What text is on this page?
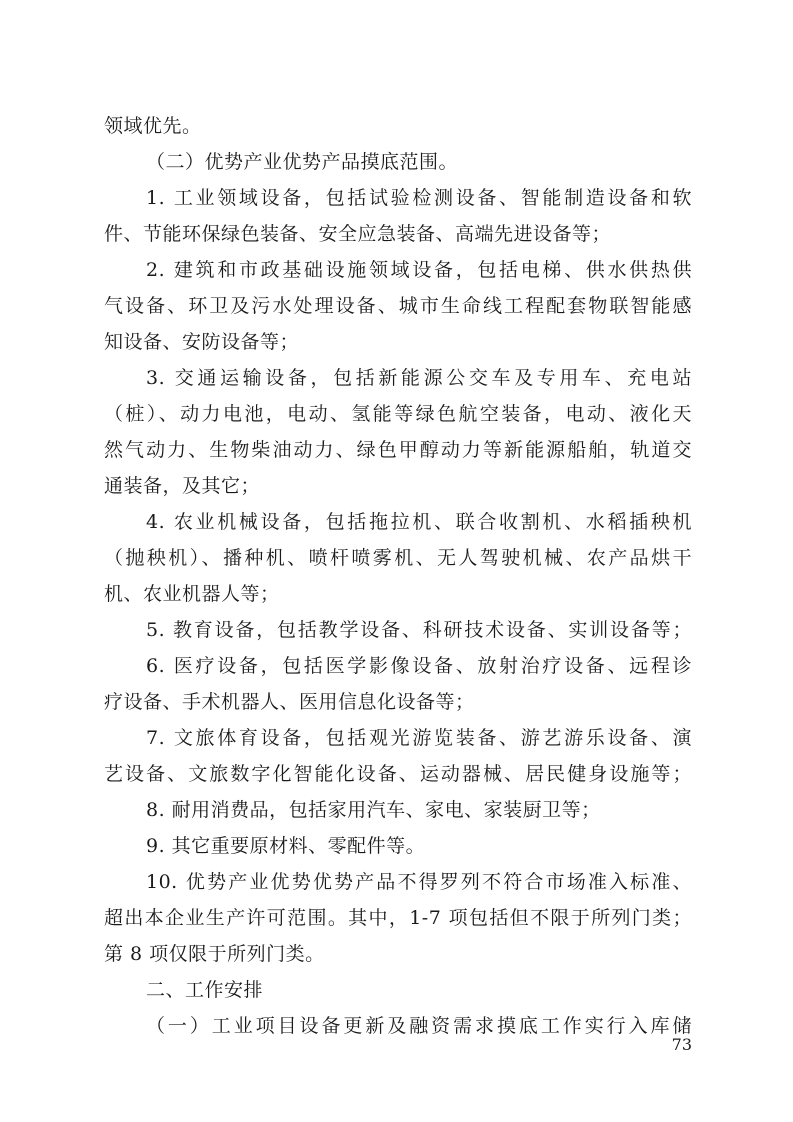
领域优先。
（二）优势产业优势产品摸底范围。
1. 工业领域设备，包括试验检测设备、智能制造设备和软
件、节能环保绿色装备、安全应急装备、高端先进设备等；
2. 建筑和市政基础设施领域设备，包括电梯、供水供热供
气设备、环卫及污水处理设备、城市生命线工程配套物联智能感
知设备、安防设备等；
3. 交通运输设备，包括新能源公交车及专用车、充电站
（桩）、动力电池，电动、氢能等绿色航空装备，电动、液化天
然气动力、生物柴油动力、绿色甲醇动力等新能源船舶，轨道交
通装备，及其它；
4. 农业机械设备，包括拖拉机、联合收割机、水稻插秧机
（抛秧机）、播种机、喷杆喷雾机、无人驾驶机械、农产品烘干
机、农业机器人等；
5. 教育设备，包括教学设备、科研技术设备、实训设备等；
6. 医疗设备，包括医学影像设备、放射治疗设备、远程诊
疗设备、手术机器人、医用信息化设备等；
7. 文旅体育设备，包括观光游览装备、游艺游乐设备、演
艺设备、文旅数字化智能化设备、运动器械、居民健身设施等；
8. 耐用消费品，包括家用汽车、家电、家装厨卫等；
9. 其它重要原材料、零配件等。
10. 优势产业优势优势产品不得罗列不符合市场准入标准、
超出本企业生产许可范围。其中，1-7 项包括但不限于所列门类；
第 8 项仅限于所列门类。
二、工作安排
（一）工业项目设备更新及融资需求摸底工作实行入库储
73
